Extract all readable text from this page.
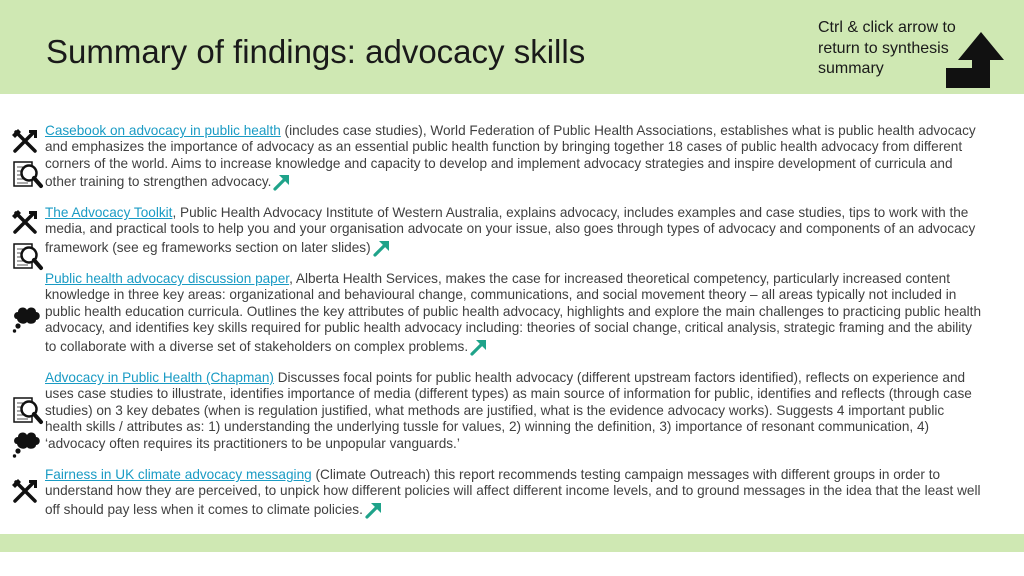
Summary of findings: advocacy skills
Ctrl & click arrow to return to synthesis summary
Casebook on advocacy in public health (includes case studies), World Federation of Public Health Associations, establishes what is public health advocacy and emphasizes the importance of advocacy as an essential public health function by bringing together 18 cases of public health advocacy from different corners of the world. Aims to increase knowledge and capacity to develop and implement advocacy strategies and inspire development of curricula and other training to strengthen advocacy.
The Advocacy Toolkit, Public Health Advocacy Institute of Western Australia, explains advocacy, includes examples and case studies, tips to work with the media, and practical tools to help you and your organisation advocate on your issue, also goes through types of advocacy and components of an advocacy framework (see eg frameworks section on later slides)
Public health advocacy discussion paper, Alberta Health Services, makes the case for increased theoretical competency, particularly increased content knowledge in three key areas: organizational and behavioural change, communications, and social movement theory – all areas typically not included in public health education curricula. Outlines the key attributes of public health advocacy, highlights and explore the main challenges to practicing public health advocacy, and identifies key skills required for public health advocacy including: theories of social change, critical analysis, strategic framing and the ability to collaborate with a diverse set of stakeholders on complex problems.
Advocacy in Public Health (Chapman) Discusses focal points for public health advocacy (different upstream factors identified), reflects on experience and uses case studies to illustrate, identifies importance of media (different types) as main source of information for public, identifies and reflects (through case studies) on 3 key debates (when is regulation justified, what methods are justified, what is the evidence advocacy works). Suggests 4 important public health skills / attributes as: 1) understanding the underlying tussle for values, 2) winning the definition, 3) importance of resonant communication, 4) ‘advocacy often requires its practitioners to be unpopular vanguards.’
Fairness in UK climate advocacy messaging (Climate Outreach) this report recommends testing campaign messages with different groups in order to understand how they are perceived, to unpick how different policies will affect different income levels, and to ground messages in the idea that the least well off should pay less when it comes to climate policies.
